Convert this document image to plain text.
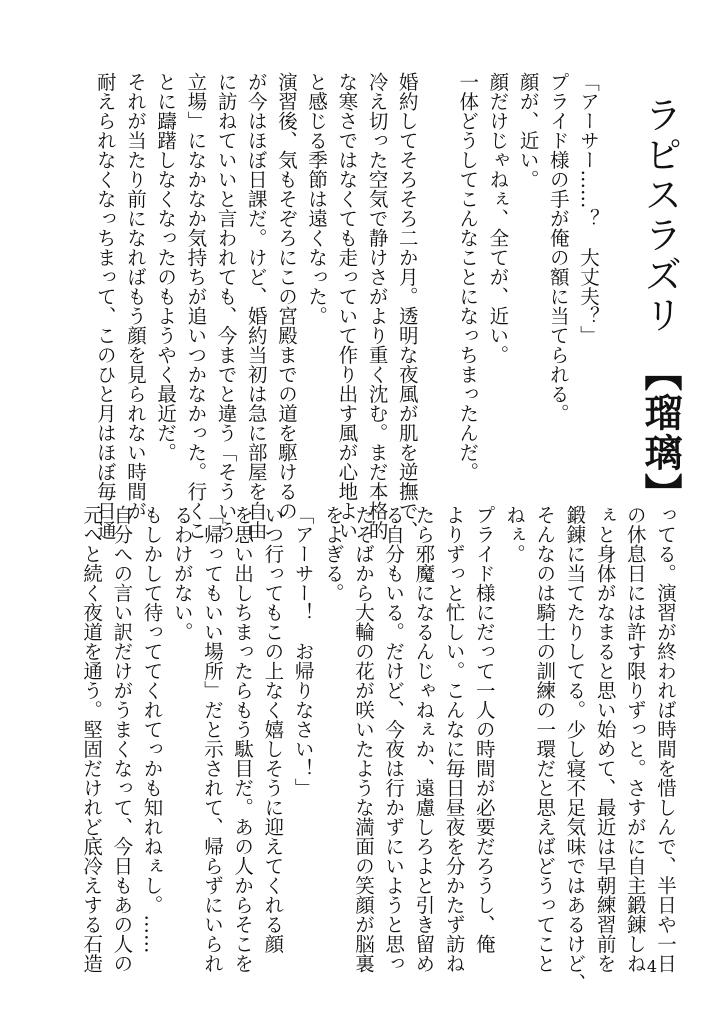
ラピスラズリ【瑠璃】
「アーサー……？　大丈夫？」
プライド様の手が俺の額に当てられる。
顔が、近い。
顔だけじゃねぇ、全てが、近い。
一体どうしてこんなことになっちまったんだ。

婚約してそろそろ二か月。透明な夜風が肌を逆撫で、
冷え切った空気で静けさがより重く沈む。まだ本格的
な寒さではなくても走っていて作り出す風が心地よい
と感じる季節は遠くなった。
演習後、気もそぞろにこの宮殿までの道を駆けるの
が今はほぼ日課だ。けど、婚約当初は急に部屋を自由
に訪ねていいと言われても、今までと違う「そういう
立場」になかなか気持ちが追いつかなかった。行くこ
とに躊躇しなくなったのもようやく最近だ。
それが当たり前になればもう顔を見られない時間が
耐えられなくなっちまって、このひと月はほぼ毎日通
ってる。演習が終われば時間を惜しんで、半日や一日
の休息日には許す限りずっと。さすがに自主鍛錬しね
ぇと身体がなまると思い始めて、最近は早朝練習前を
鍛錬に当てたりしてる。少し寝不足気味ではあるけど、
そんなのは騎士の訓練の一環だと思えばどうってこと
ねぇ。
プライド様にだって一人の時間が必要だろうし、俺
よりずっと忙しい。こんなに毎日昼夜を分かたず訪ね
たら邪魔になるんじゃねぇか、遠慮しろよと引き留め
る自分もいる。だけど、今夜は行かずにいようと思っ
たそばから大輪の花が咲いたような満面の笑顔が脳裏
をよぎる。
「アーサー！　お帰りなさい！」
いつ行ってもこの上なく嬉しそうに迎えてくれる顔
を思い出しちまったらもう駄目だ。あの人からそこを
「帰ってもいい場所」だと示されて、帰らずにいられ
るわけがない。
もしかして待っててくれてっかも知れねぇし。……
自分への言い訳だけがうまくなって、今日もあの人の
元へと続く夜道を通う。堅固だけれど底冷えする石造	4
